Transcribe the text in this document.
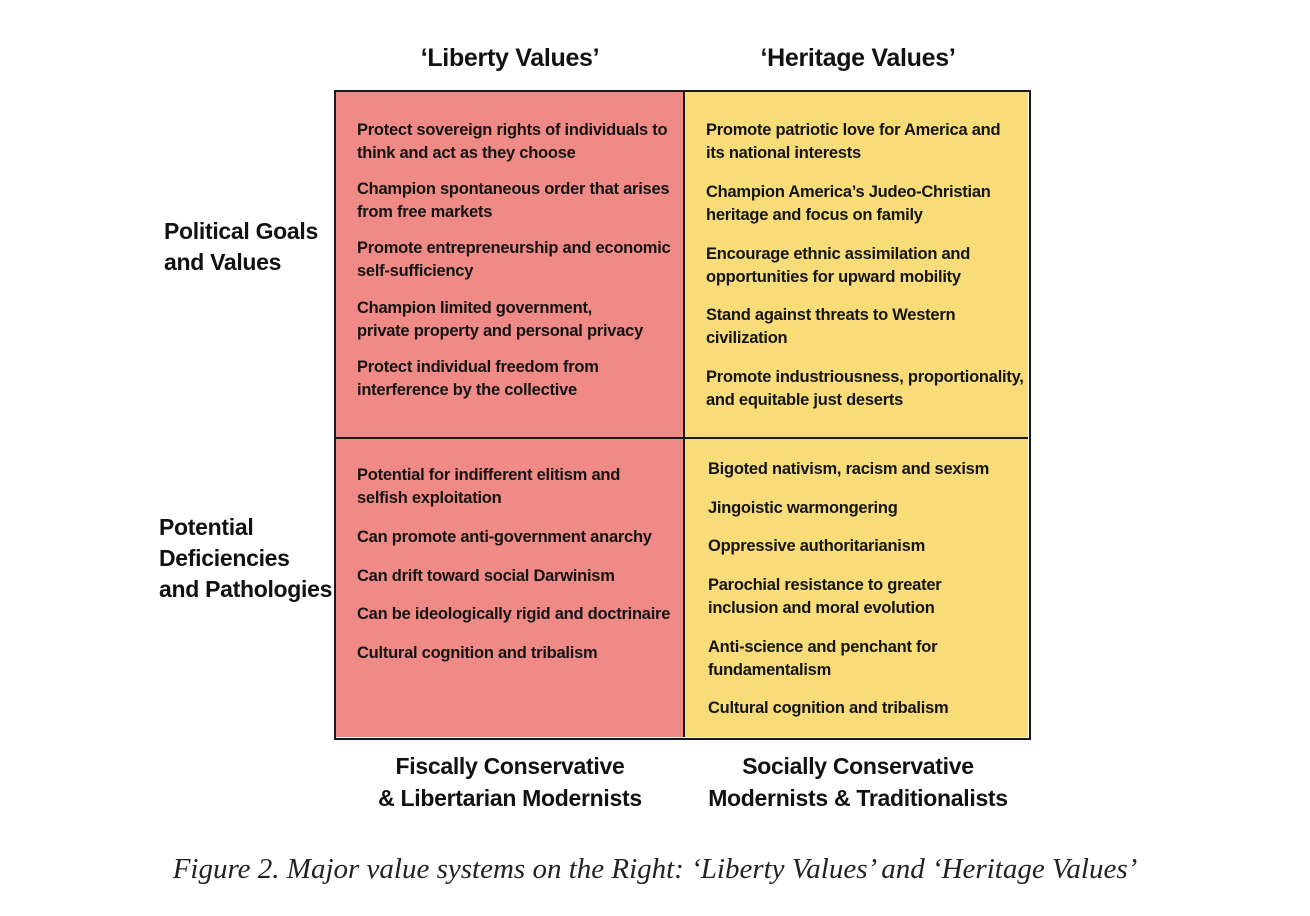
‘Liberty Values’	‘Heritage Values’
Political Goals
and Values
Potential
Deficiencies
and Pathologies
Protect sovereign rights of individuals to
think and act as they choose
Champion spontaneous order that arises
from free markets
Promote entrepreneurship and economic
self-sufficiency
Champion limited government,
private property and personal privacy
Protect individual freedom from
interference by the collective
Promote patriotic love for America and
its national interests
Champion America’s Judeo-Christian
heritage and focus on family
Encourage ethnic assimilation and
opportunities for upward mobility
Stand against threats to Western
civilization
Promote industriousness, proportionality,
and equitable just deserts
Potential for indifferent elitism and
selfish exploitation
Can promote anti-government anarchy
Can drift toward social Darwinism
Can be ideologically rigid and doctrinaire
Cultural cognition and tribalism
Bigoted nativism, racism and sexism
Jingoistic warmongering
Oppressive authoritarianism
Parochial resistance to greater
inclusion and moral evolution
Anti-science and penchant for
fundamentalism
Cultural cognition and tribalism
Fiscally Conservative
& Libertarian Modernists
Socially Conservative
Modernists & Traditionalists
Figure 2. Major value systems on the Right: ‘Liberty Values’ and ‘Heritage Values’
